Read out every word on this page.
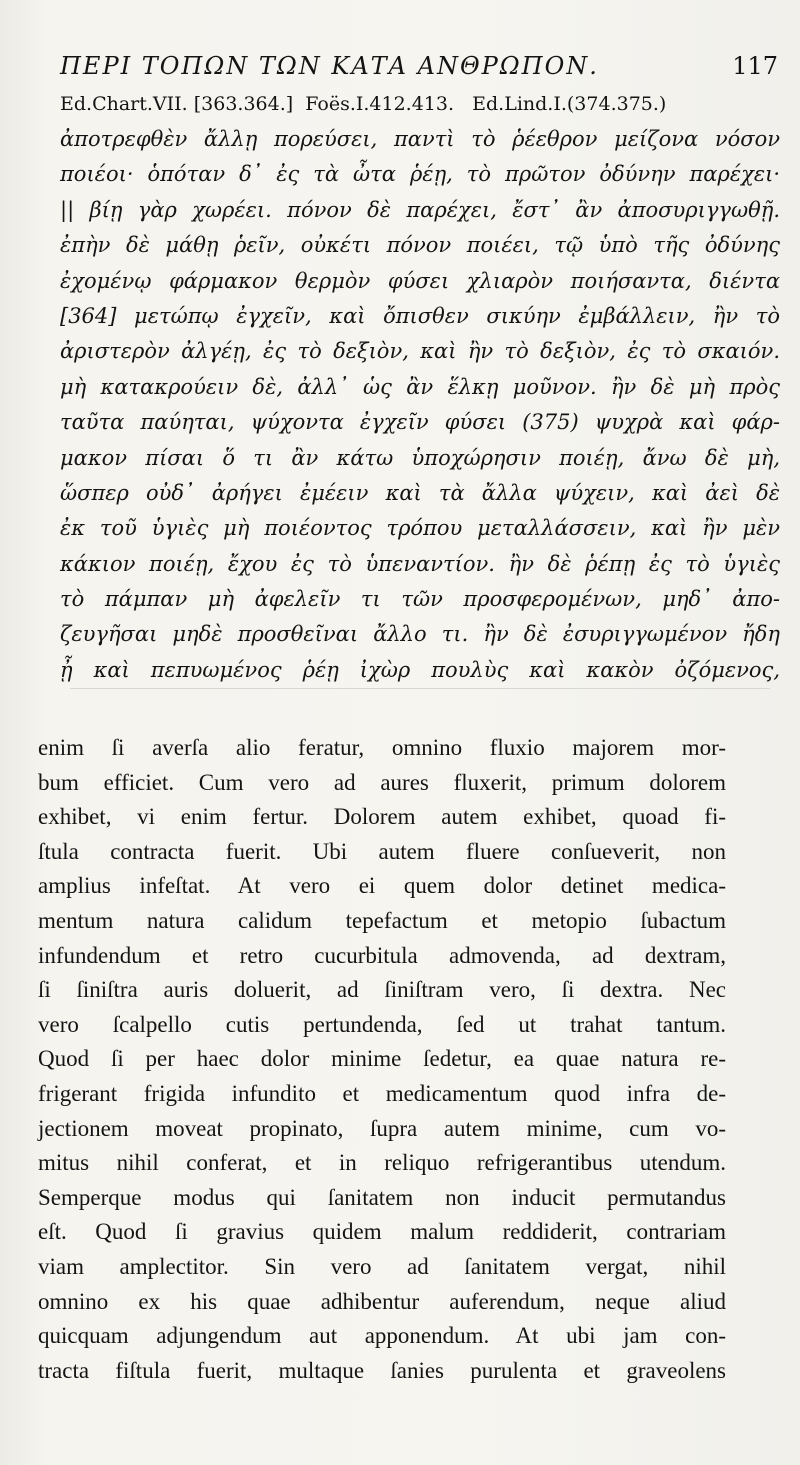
ΠΕΡΙ ΤΟΠΩΝ ΤΩΝ ΚΑΤΑ ΑΝΘΡΩΠΟΝ.	117
Ed.Chart.VII. [363.364.]  Foës.I.412.413.   Ed.Lind.I.(374.375.)
ἀποτρεφθὲν ἄλλῃ πορεύσει, παντὶ τὸ ῥέεθρον μείζονα νόσον
ποιέοι· ὁπόταν δ᾽ ἐς τὰ ὦτα ῥέῃ, τὸ πρῶτον ὀδύνην παρέχει·
|| βίῃ γὰρ χωρέει. πόνον δὲ παρέχει, ἔστ᾽ ἂν ἀποσυριγγωθῇ.
ἐπὴν δὲ μάθῃ ῥεῖν, οὐκέτι πόνον ποιέει, τῷ ὑπὸ τῆς ὀδύνης
ἐχομένῳ φάρμακον θερμὸν φύσει χλιαρὸν ποιήσαντα, διέντα
[364] μετώπῳ ἐγχεῖν, καὶ ὄπισθεν σικύην ἐμβάλλειν, ἢν τὸ
ἀριστερὸν ἀλγέῃ, ἐς τὸ δεξιὸν, καὶ ἢν τὸ δεξιὸν, ἐς τὸ σκαιόν.
μὴ κατακρούειν δὲ, ἀλλ᾽ ὡς ἂν ἕλκῃ μοῦνον. ἢν δὲ μὴ πρὸς
ταῦτα παύηται, ψύχοντα ἐγχεῖν φύσει (375) ψυχρὰ καὶ φάρ-
μακον πίσαι ὅ τι ἂν κάτω ὑποχώρησιν ποιέῃ, ἄνω δὲ μὴ,
ὥσπερ οὐδ᾽ ἀρήγει ἐμέειν καὶ τὰ ἄλλα ψύχειν, καὶ ἀεὶ δὲ
ἐκ τοῦ ὑγιὲς μὴ ποιέοντος τρόπου μεταλλάσσειν, καὶ ἢν μὲν
κάκιον ποιέῃ, ἔχου ἐς τὸ ὑπεναντίον. ἢν δὲ ῥέπῃ ἐς τὸ ὑγιὲς
τὸ πάμπαν μὴ ἀφελεῖν τι τῶν προσφερομένων, μηδ᾽ ἀπο-
ζευγῆσαι μηδὲ προσθεῖναι ἄλλο τι. ἢν δὲ ἐσυριγγωμένον ἤδη
ᾖ καὶ πεπυωμένος ῥέῃ ἰχὼρ πουλὺς καὶ κακὸν ὀζόμενος,
enim ſi averſa alio feratur, omnino fluxio majorem mor-
bum efficiet. Cum vero ad aures fluxerit, primum dolorem
exhibet, vi enim fertur. Dolorem autem exhibet, quoad fi-
ſtula contracta fuerit. Ubi autem fluere conſueverit, non
amplius infeſtat. At vero ei quem dolor detinet medica-
mentum natura calidum tepefactum et metopio ſubactum
infundendum et retro cucurbitula admovenda, ad dextram,
ſi ſiniſtra auris doluerit, ad ſiniſtram vero, ſi dextra. Nec
vero ſcalpello cutis pertundenda, ſed ut trahat tantum.
Quod ſi per haec dolor minime ſedetur, ea quae natura re-
frigerant frigida infundito et medicamentum quod infra de-
jectionem moveat propinato, ſupra autem minime, cum vo-
mitus nihil conferat, et in reliquo refrigerantibus utendum.
Semperque modus qui ſanitatem non inducit permutandus
eſt. Quod ſi gravius quidem malum reddiderit, contrariam
viam amplectitor. Sin vero ad ſanitatem vergat, nihil
omnino ex his quae adhibentur auferendum, neque aliud
quicquam adjungendum aut apponendum. At ubi jam con-
tracta fiſtula fuerit, multaque ſanies purulenta et graveolens
